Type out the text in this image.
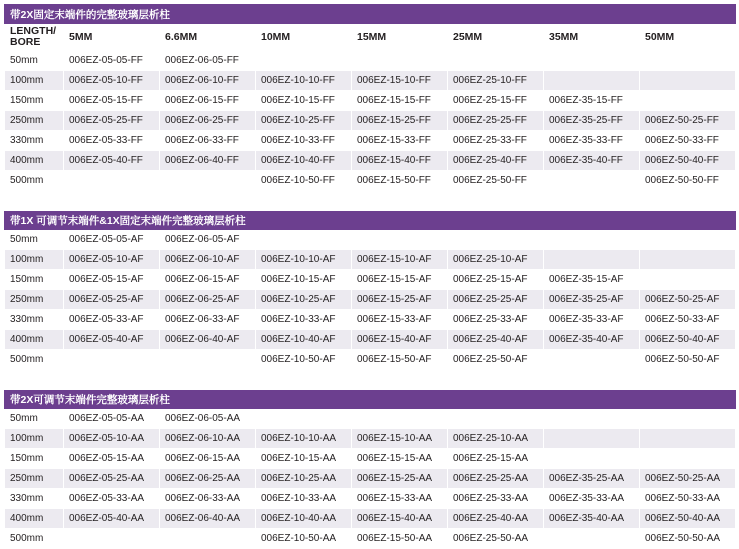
带2X固定末端件的完整玻璃层析柱							
LENGTH/ BORE	5MM	6.6MM	10MM	15MM	25MM	35MM	50MM
50mm	006EZ-05-05-FF	006EZ-06-05-FF					
100mm	006EZ-05-10-FF	006EZ-06-10-FF	006EZ-10-10-FF	006EZ-15-10-FF	006EZ-25-10-FF		
150mm	006EZ-05-15-FF	006EZ-06-15-FF	006EZ-10-15-FF	006EZ-15-15-FF	006EZ-25-15-FF	006EZ-35-15-FF	
250mm	006EZ-05-25-FF	006EZ-06-25-FF	006EZ-10-25-FF	006EZ-15-25-FF	006EZ-25-25-FF	006EZ-35-25-FF	006EZ-50-25-FF
330mm	006EZ-05-33-FF	006EZ-06-33-FF	006EZ-10-33-FF	006EZ-15-33-FF	006EZ-25-33-FF	006EZ-35-33-FF	006EZ-50-33-FF
400mm	006EZ-05-40-FF	006EZ-06-40-FF	006EZ-10-40-FF	006EZ-15-40-FF	006EZ-25-40-FF	006EZ-35-40-FF	006EZ-50-40-FF
500mm			006EZ-10-50-FF	006EZ-15-50-FF	006EZ-25-50-FF		006EZ-50-50-FF

带1X 可调节末端件&1X固定末端件完整玻璃层析柱							
50mm	006EZ-05-05-AF	006EZ-06-05-AF					
100mm	006EZ-05-10-AF	006EZ-06-10-AF	006EZ-10-10-AF	006EZ-15-10-AF	006EZ-25-10-AF		
150mm	006EZ-05-15-AF	006EZ-06-15-AF	006EZ-10-15-AF	006EZ-15-15-AF	006EZ-25-15-AF	006EZ-35-15-AF	
250mm	006EZ-05-25-AF	006EZ-06-25-AF	006EZ-10-25-AF	006EZ-15-25-AF	006EZ-25-25-AF	006EZ-35-25-AF	006EZ-50-25-AF
330mm	006EZ-05-33-AF	006EZ-06-33-AF	006EZ-10-33-AF	006EZ-15-33-AF	006EZ-25-33-AF	006EZ-35-33-AF	006EZ-50-33-AF
400mm	006EZ-05-40-AF	006EZ-06-40-AF	006EZ-10-40-AF	006EZ-15-40-AF	006EZ-25-40-AF	006EZ-35-40-AF	006EZ-50-40-AF
500mm			006EZ-10-50-AF	006EZ-15-50-AF	006EZ-25-50-AF		006EZ-50-50-AF

带2X可调节末端件完整玻璃层析柱							
50mm	006EZ-05-05-AA	006EZ-06-05-AA					
100mm	006EZ-05-10-AA	006EZ-06-10-AA	006EZ-10-10-AA	006EZ-15-10-AA	006EZ-25-10-AA		
150mm	006EZ-05-15-AA	006EZ-06-15-AA	006EZ-10-15-AA	006EZ-15-15-AA	006EZ-25-15-AA		
250mm	006EZ-05-25-AA	006EZ-06-25-AA	006EZ-10-25-AA	006EZ-15-25-AA	006EZ-25-25-AA	006EZ-35-25-AA	006EZ-50-25-AA
330mm	006EZ-05-33-AA	006EZ-06-33-AA	006EZ-10-33-AA	006EZ-15-33-AA	006EZ-25-33-AA	006EZ-35-33-AA	006EZ-50-33-AA
400mm	006EZ-05-40-AA	006EZ-06-40-AA	006EZ-10-40-AA	006EZ-15-40-AA	006EZ-25-40-AA	006EZ-35-40-AA	006EZ-50-40-AA
500mm			006EZ-10-50-AA	006EZ-15-50-AA	006EZ-25-50-AA		006EZ-50-50-AA
